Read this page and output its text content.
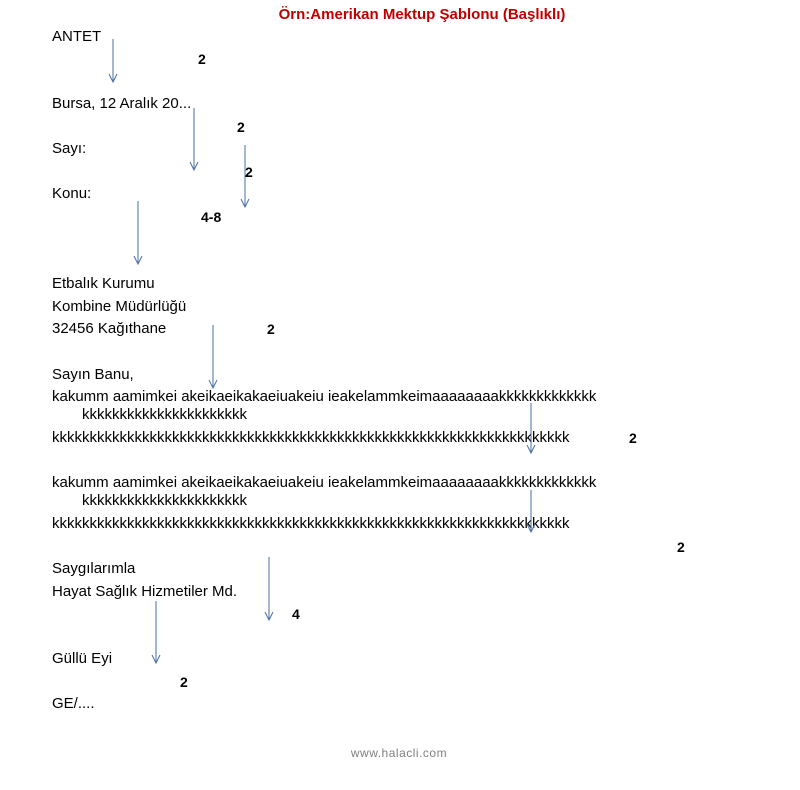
Örn:Amerikan Mektup Şablonu (Başlıklı)
ANTET
Bursa, 12 Aralık 20...
Sayı:
Konu:
Etbalık Kurumu
Kombine Müdürlüğü
32456 Kağıthane
Sayın Banu,
kakumm aamimkei akeikaeikakaeiuakeiu ieakelammkeimaaaaaaaakkkkkkkkkkkkk
kkkkkkkkkkkkkkkkkkkkkk
kkkkkkkkkkkkkkkkkkkkkkkkkkkkkkkkkkkkkkkkkkkkkkkkkkkkkkkkkkkkkkkkkkkkk
kakumm aamimkei akeikaeikakaeiuakeiu ieakelammkeimaaaaaaaakkkkkkkkkkkkk
kkkkkkkkkkkkkkkkkkkkkk
kkkkkkkkkkkkkkkkkkkkkkkkkkkkkkkkkkkkkkkkkkkkkkkkkkkkkkkkkkkkkkkkkkkkk
Saygılarımla
Hayat Sağlık Hizmetiler Md.
Güllü Eyi
GE/....
2
2
2
4-8
2
2
2
4
2
www.halacli.com
